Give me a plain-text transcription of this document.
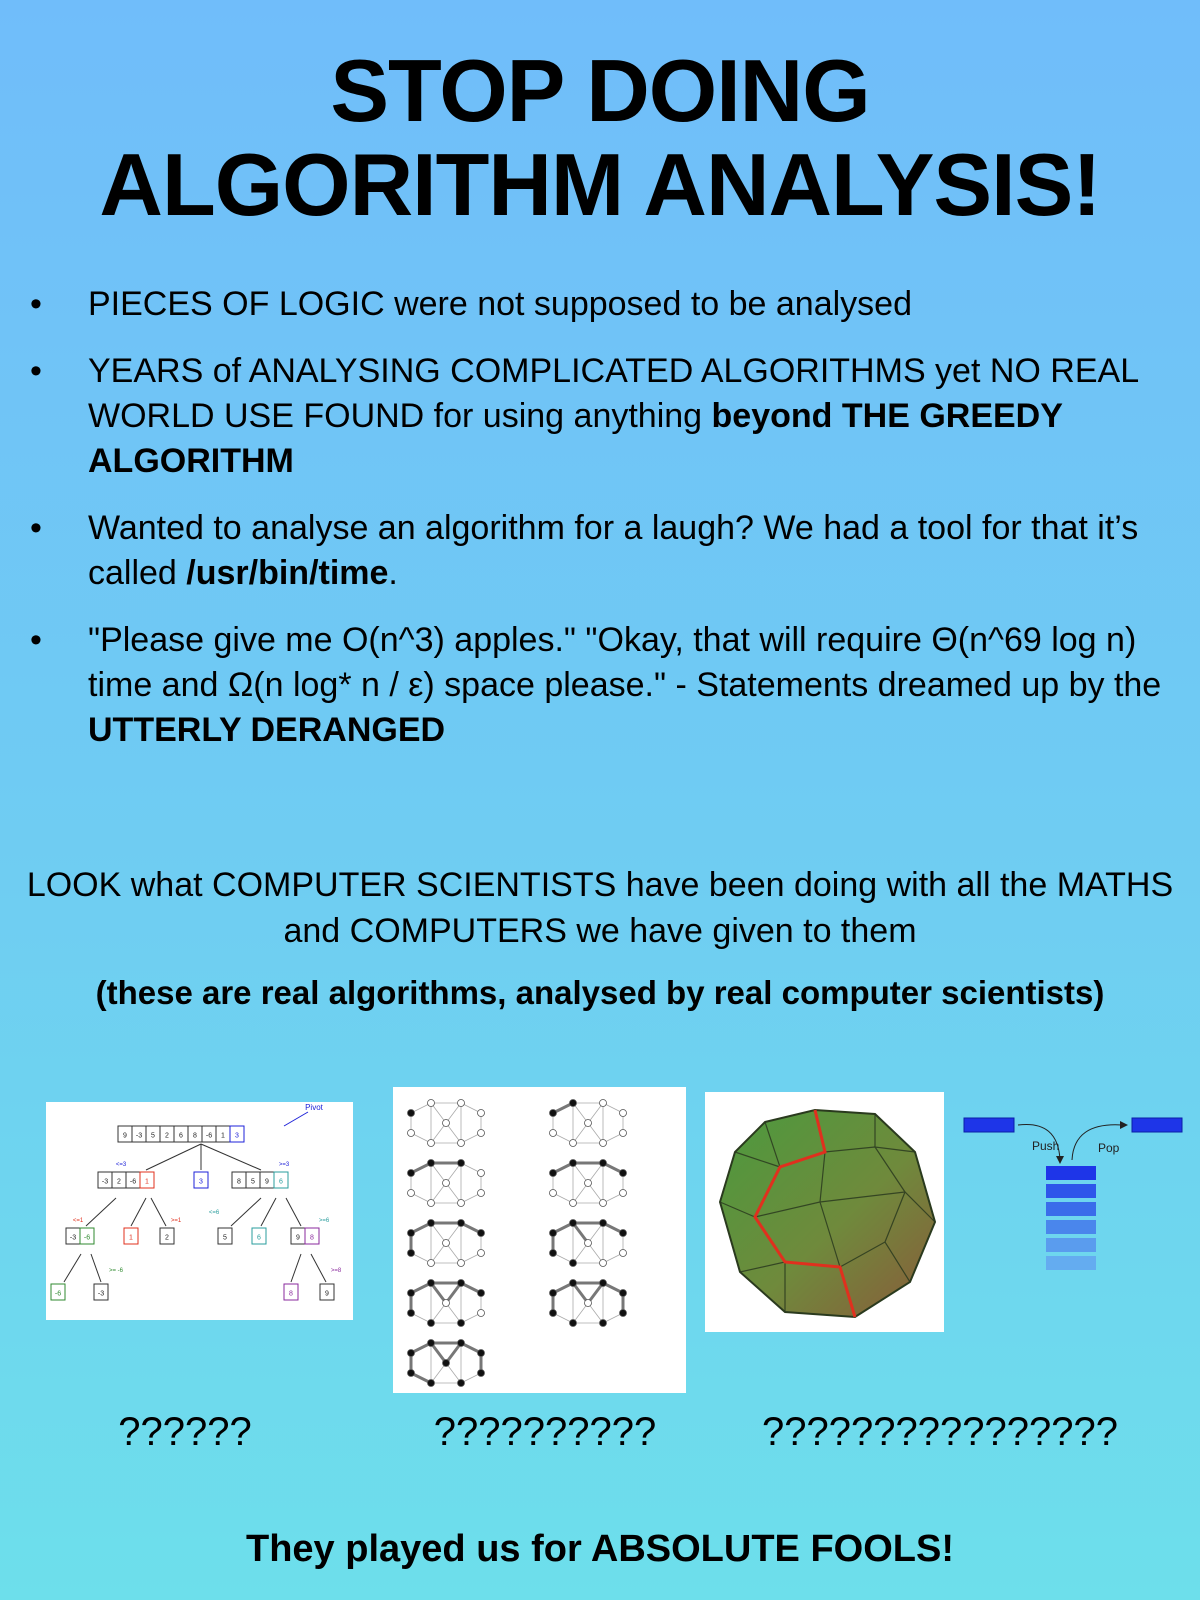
STOP DOING
ALGORITHM ANALYSIS!
• PIECES OF LOGIC were not supposed to be analysed
• YEARS of ANALYSING COMPLICATED ALGORITHMS yet NO REAL WORLD USE FOUND for using anything beyond THE GREEDY ALGORITHM
• Wanted to analyse an algorithm for a laugh? We had a tool for that it’s called /usr/bin/time.
• "Please give me O(n^3) apples." "Okay, that will require Θ(n^69 log n) time and Ω(n log* n / ε) space please." - Statements dreamed up by the UTTERLY DERANGED

LOOK what COMPUTER SCIENTISTS have been doing with all the MATHS and COMPUTERS we have given to them

(these are real algorithms, analysed by real computer scientists)

Pivot
9 -3 5 2 6 8 -6 1 3
<=3	>=3
<=1	>=1
<=6
>=6
>= -6	>=8
-3 2 -6 1	3	8 5 9 6
-3 -6	1	2	5	6	9 8
-6	-3	8	9
Push	Pop

??????	??????????	????????????????

They played us for ABSOLUTE FOOLS!
